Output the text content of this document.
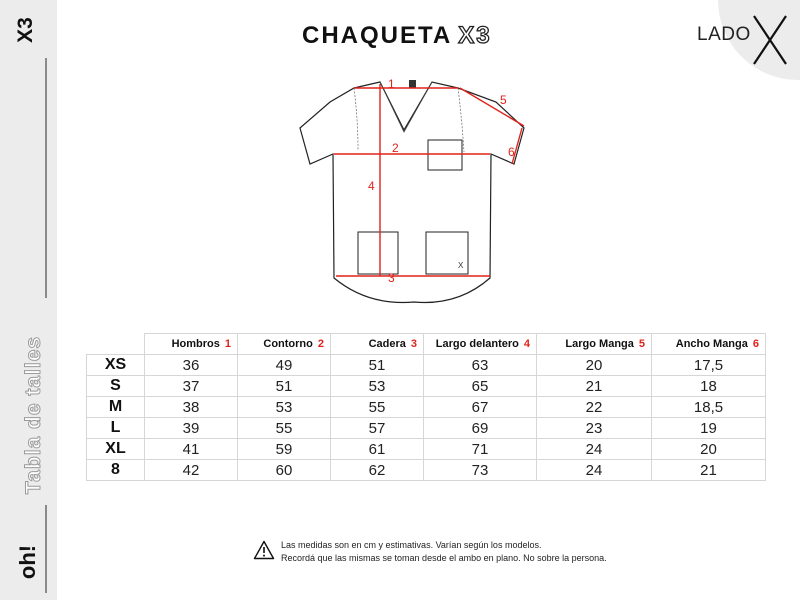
X3
Tabla de talles
oh!
LADO
CHAQUETA X3
X
1
2
3
4
5
6
	Hombros 1	Contorno 2	Cadera 3	Largo delantero 4	Largo Manga 5	Ancho Manga 6
XS	36	49	51	63	20	17,5
S	37	51	53	65	21	18
M	38	53	55	67	22	18,5
L	39	55	57	69	23	19
XL	41	59	61	71	24	20
8	42	60	62	73	24	21
Las medidas son en cm y estimativas. Varían según los modelos.
Recordá que las mismas se toman desde el ambo en plano. No sobre la persona.
